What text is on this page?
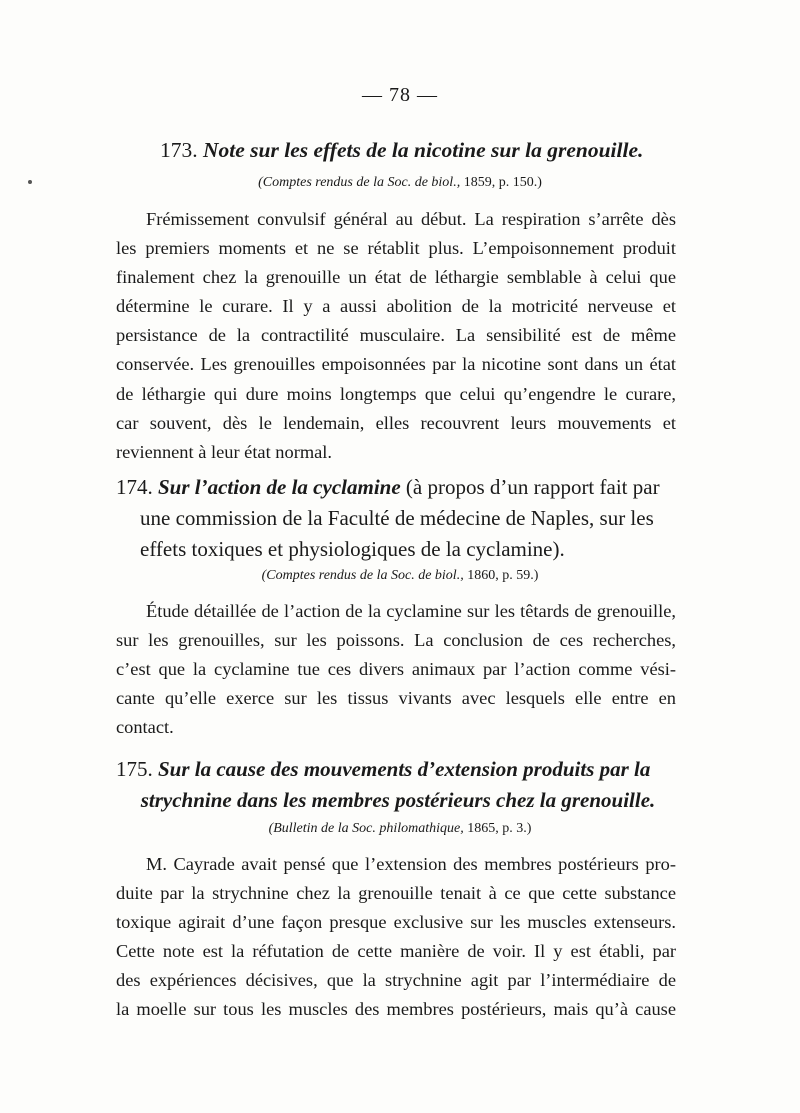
— 78 —
173. Note sur les effets de la nicotine sur la grenouille.
(Comptes rendus de la Soc. de biol., 1859, p. 150.)
Frémissement convulsif général au début. La respiration s’arrête dès
les premiers moments et ne se rétablit plus. L’empoisonnement produit
finalement chez la grenouille un état de léthargie semblable à celui que
détermine le curare. Il y a aussi abolition de la motricité nerveuse et
persistance de la contractilité musculaire. La sensibilité est de même
conservée. Les grenouilles empoisonnées par la nicotine sont dans un état
de léthargie qui dure moins longtemps que celui qu’engendre le curare,
car souvent, dès le lendemain, elles recouvrent leurs mouvements et
reviennent à leur état normal.
174. Sur l’action de la cyclamine (à propos d’un rapport fait par
une commission de la Faculté de médecine de Naples, sur les
effets toxiques et physiologiques de la cyclamine).
(Comptes rendus de la Soc. de biol., 1860, p. 59.)
Étude détaillée de l’action de la cyclamine sur les têtards de grenouille,
sur les grenouilles, sur les poissons. La conclusion de ces recherches,
c’est que la cyclamine tue ces divers animaux par l’action comme vési-
cante qu’elle exerce sur les tissus vivants avec lesquels elle entre en
contact.
175. Sur la cause des mouvements d’extension produits par la
strychnine dans les membres postérieurs chez la grenouille.
(Bulletin de la Soc. philomathique, 1865, p. 3.)
M. Cayrade avait pensé que l’extension des membres postérieurs pro-
duite par la strychnine chez la grenouille tenait à ce que cette substance
toxique agirait d’une façon presque exclusive sur les muscles extenseurs.
Cette note est la réfutation de cette manière de voir. Il y est établi, par
des expériences décisives, que la strychnine agit par l’intermédiaire de
la moelle sur tous les muscles des membres postérieurs, mais qu’à cause
